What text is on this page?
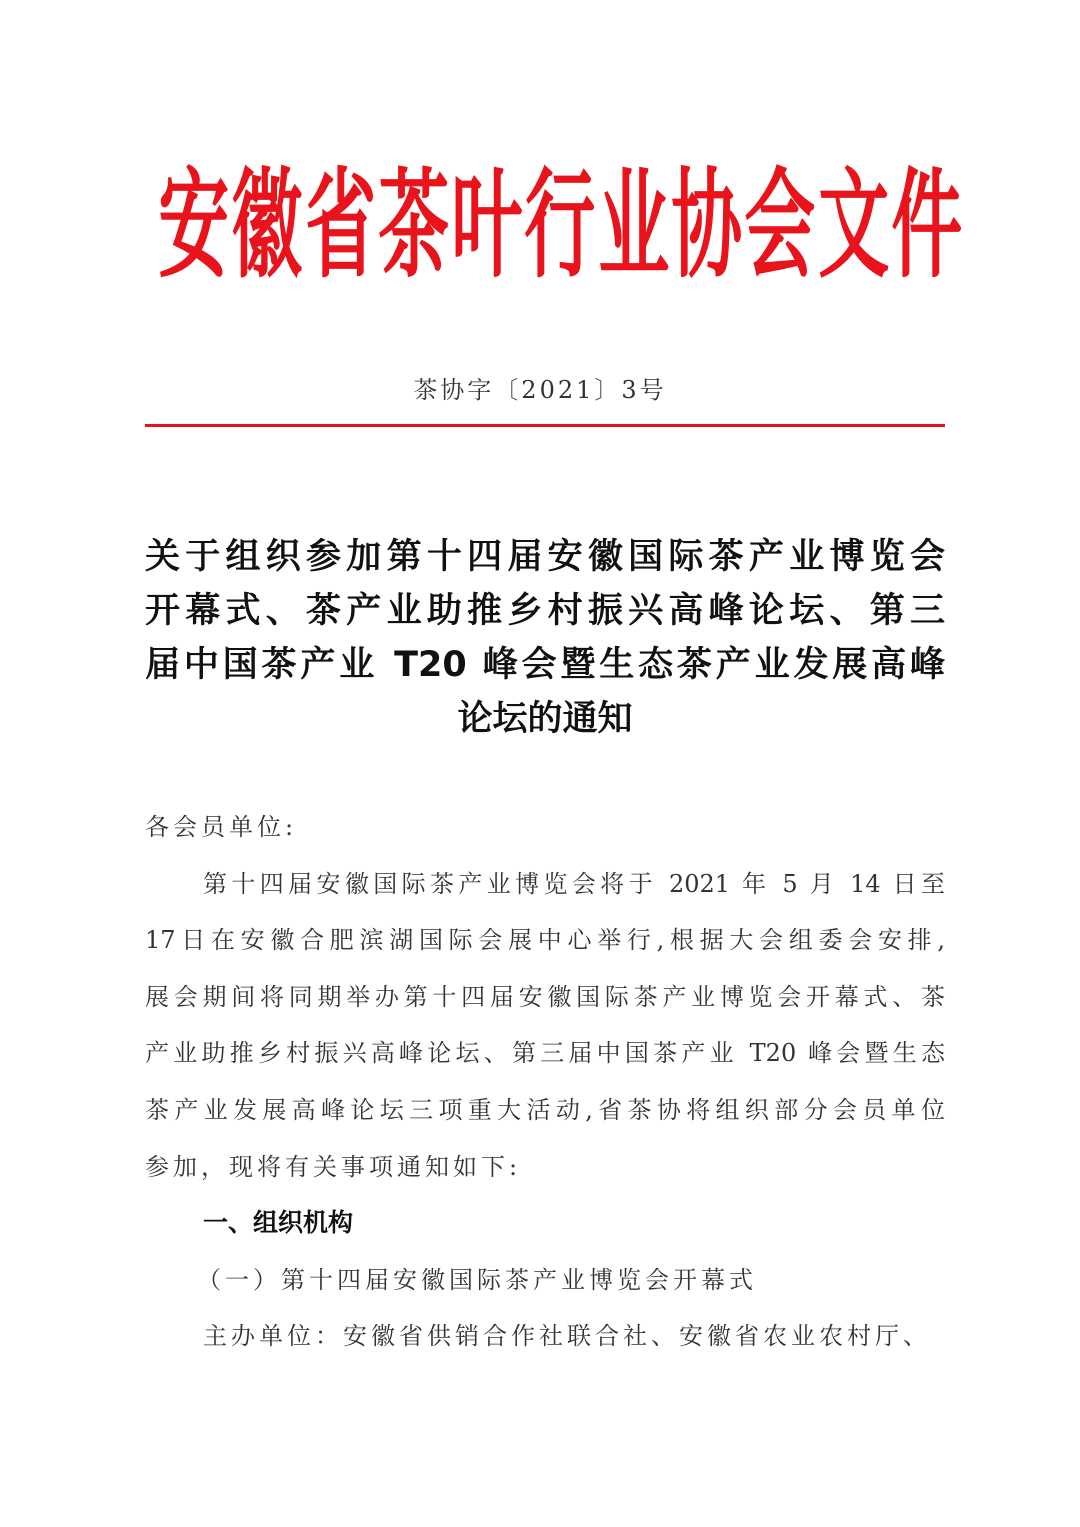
安 徽 省 茶 叶 行 业 协 会 文 件
茶协字〔2021〕3号
关于组织参加第十四届安徽国际茶产业博览会
开幕式、茶产业助推乡村振兴高峰论坛、第三
届中国茶产业 T20 峰会暨生态茶产业发展高峰
论坛的通知
各会员单位:
第十四届安徽国际茶产业博览会将于 2021 年 5 月 14 日至
17日在安徽合肥滨湖国际会展中心举行,根据大会组委会安排,
展会期间将同期举办第十四届安徽国际茶产业博览会开幕式、茶
产业助推乡村振兴高峰论坛、第三届中国茶产业 T20 峰会暨生态
茶产业发展高峰论坛三项重大活动,省茶协将组织部分会员单位
参加，现将有关事项通知如下:
一、组织机构
（一）第十四届安徽国际茶产业博览会开幕式
主办单位：安徽省供销合作社联合社、安徽省农业农村厅、
